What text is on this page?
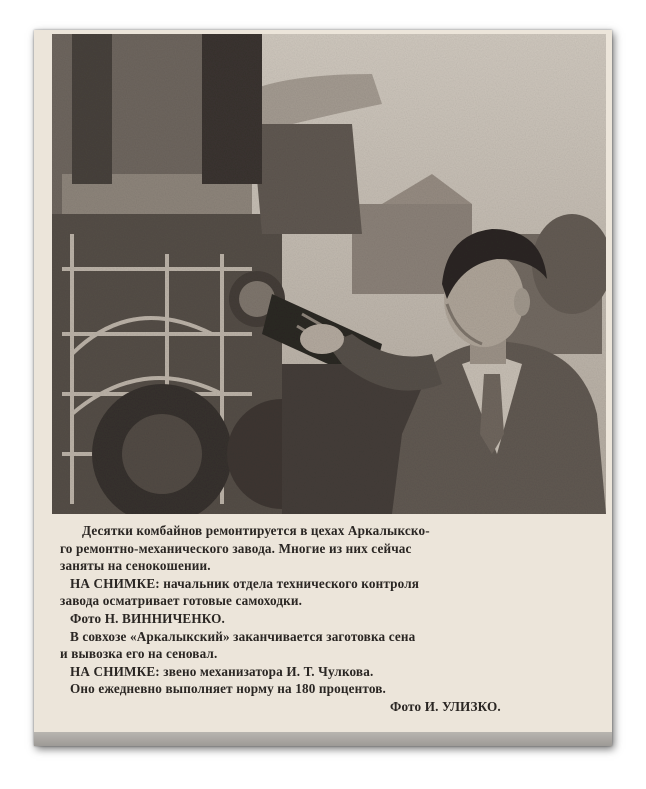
Десятки комбайнов ремонтируется в цехах Аркалыкско-

го ремонтно-механического завода. Многие из них сейчас

заняты на сенокошении.

НА СНИМКЕ: начальник отдела технического контроля

завода осматривает готовые самоходки.

Фото Н. ВИННИЧЕНКО.

В совхозе «Аркалыкский» заканчивается заготовка сена

и вывозка его на сеновал.

НА СНИМКЕ: звено механизатора И. Т. Чулкова.

Оно ежедневно выполняет норму на 180 процентов.

Фото И. УЛИЗКО.
